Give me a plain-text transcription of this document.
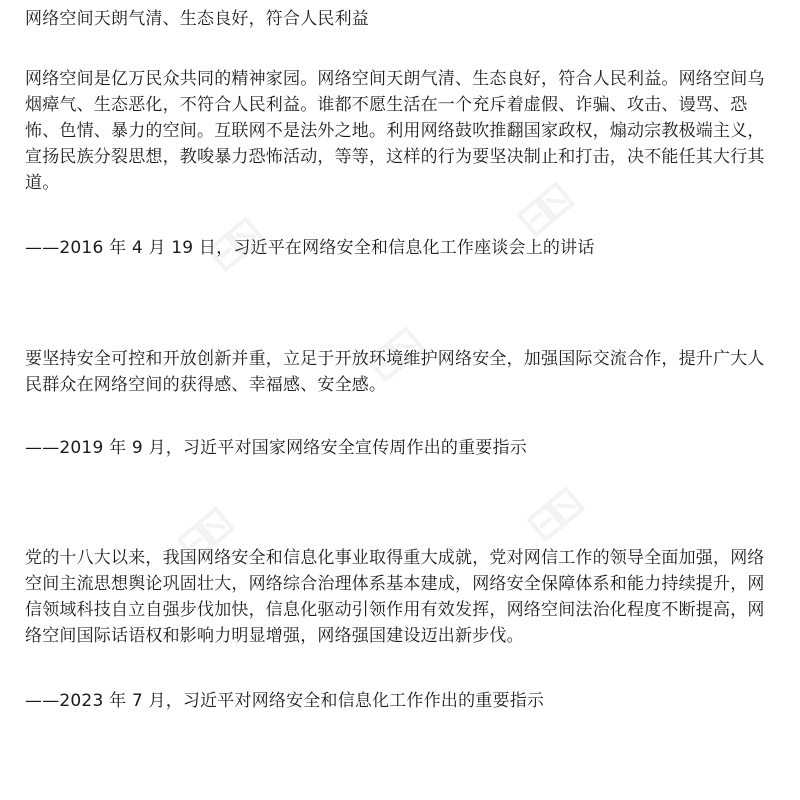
网络空间天朗气清、生态良好，符合人民利益

网络空间是亿万民众共同的精神家园。网络空间天朗气清、生态良好，符合人民利益。网络空间乌烟瘴气、生态恶化，不符合人民利益。谁都不愿生活在一个充斥着虚假、诈骗、攻击、谩骂、恐怖、色情、暴力的空间。互联网不是法外之地。利用网络鼓吹推翻国家政权，煽动宗教极端主义，宣扬民族分裂思想，教唆暴力恐怖活动，等等，这样的行为要坚决制止和打击，决不能任其大行其道。

——2016 年 4 月 19 日，习近平在网络安全和信息化工作座谈会上的讲话

要坚持安全可控和开放创新并重，立足于开放环境维护网络安全，加强国际交流合作，提升广大人民群众在网络空间的获得感、幸福感、安全感。

——2019 年 9 月，习近平对国家网络安全宣传周作出的重要指示

党的十八大以来，我国网络安全和信息化事业取得重大成就，党对网信工作的领导全面加强，网络空间主流思想舆论巩固壮大，网络综合治理体系基本建成，网络安全保障体系和能力持续提升，网信领域科技自立自强步伐加快，信息化驱动引领作用有效发挥，网络空间法治化程度不断提高，网络空间国际话语权和影响力明显增强，网络强国建设迈出新步伐。

——2023 年 7 月，习近平对网络安全和信息化工作作出的重要指示
